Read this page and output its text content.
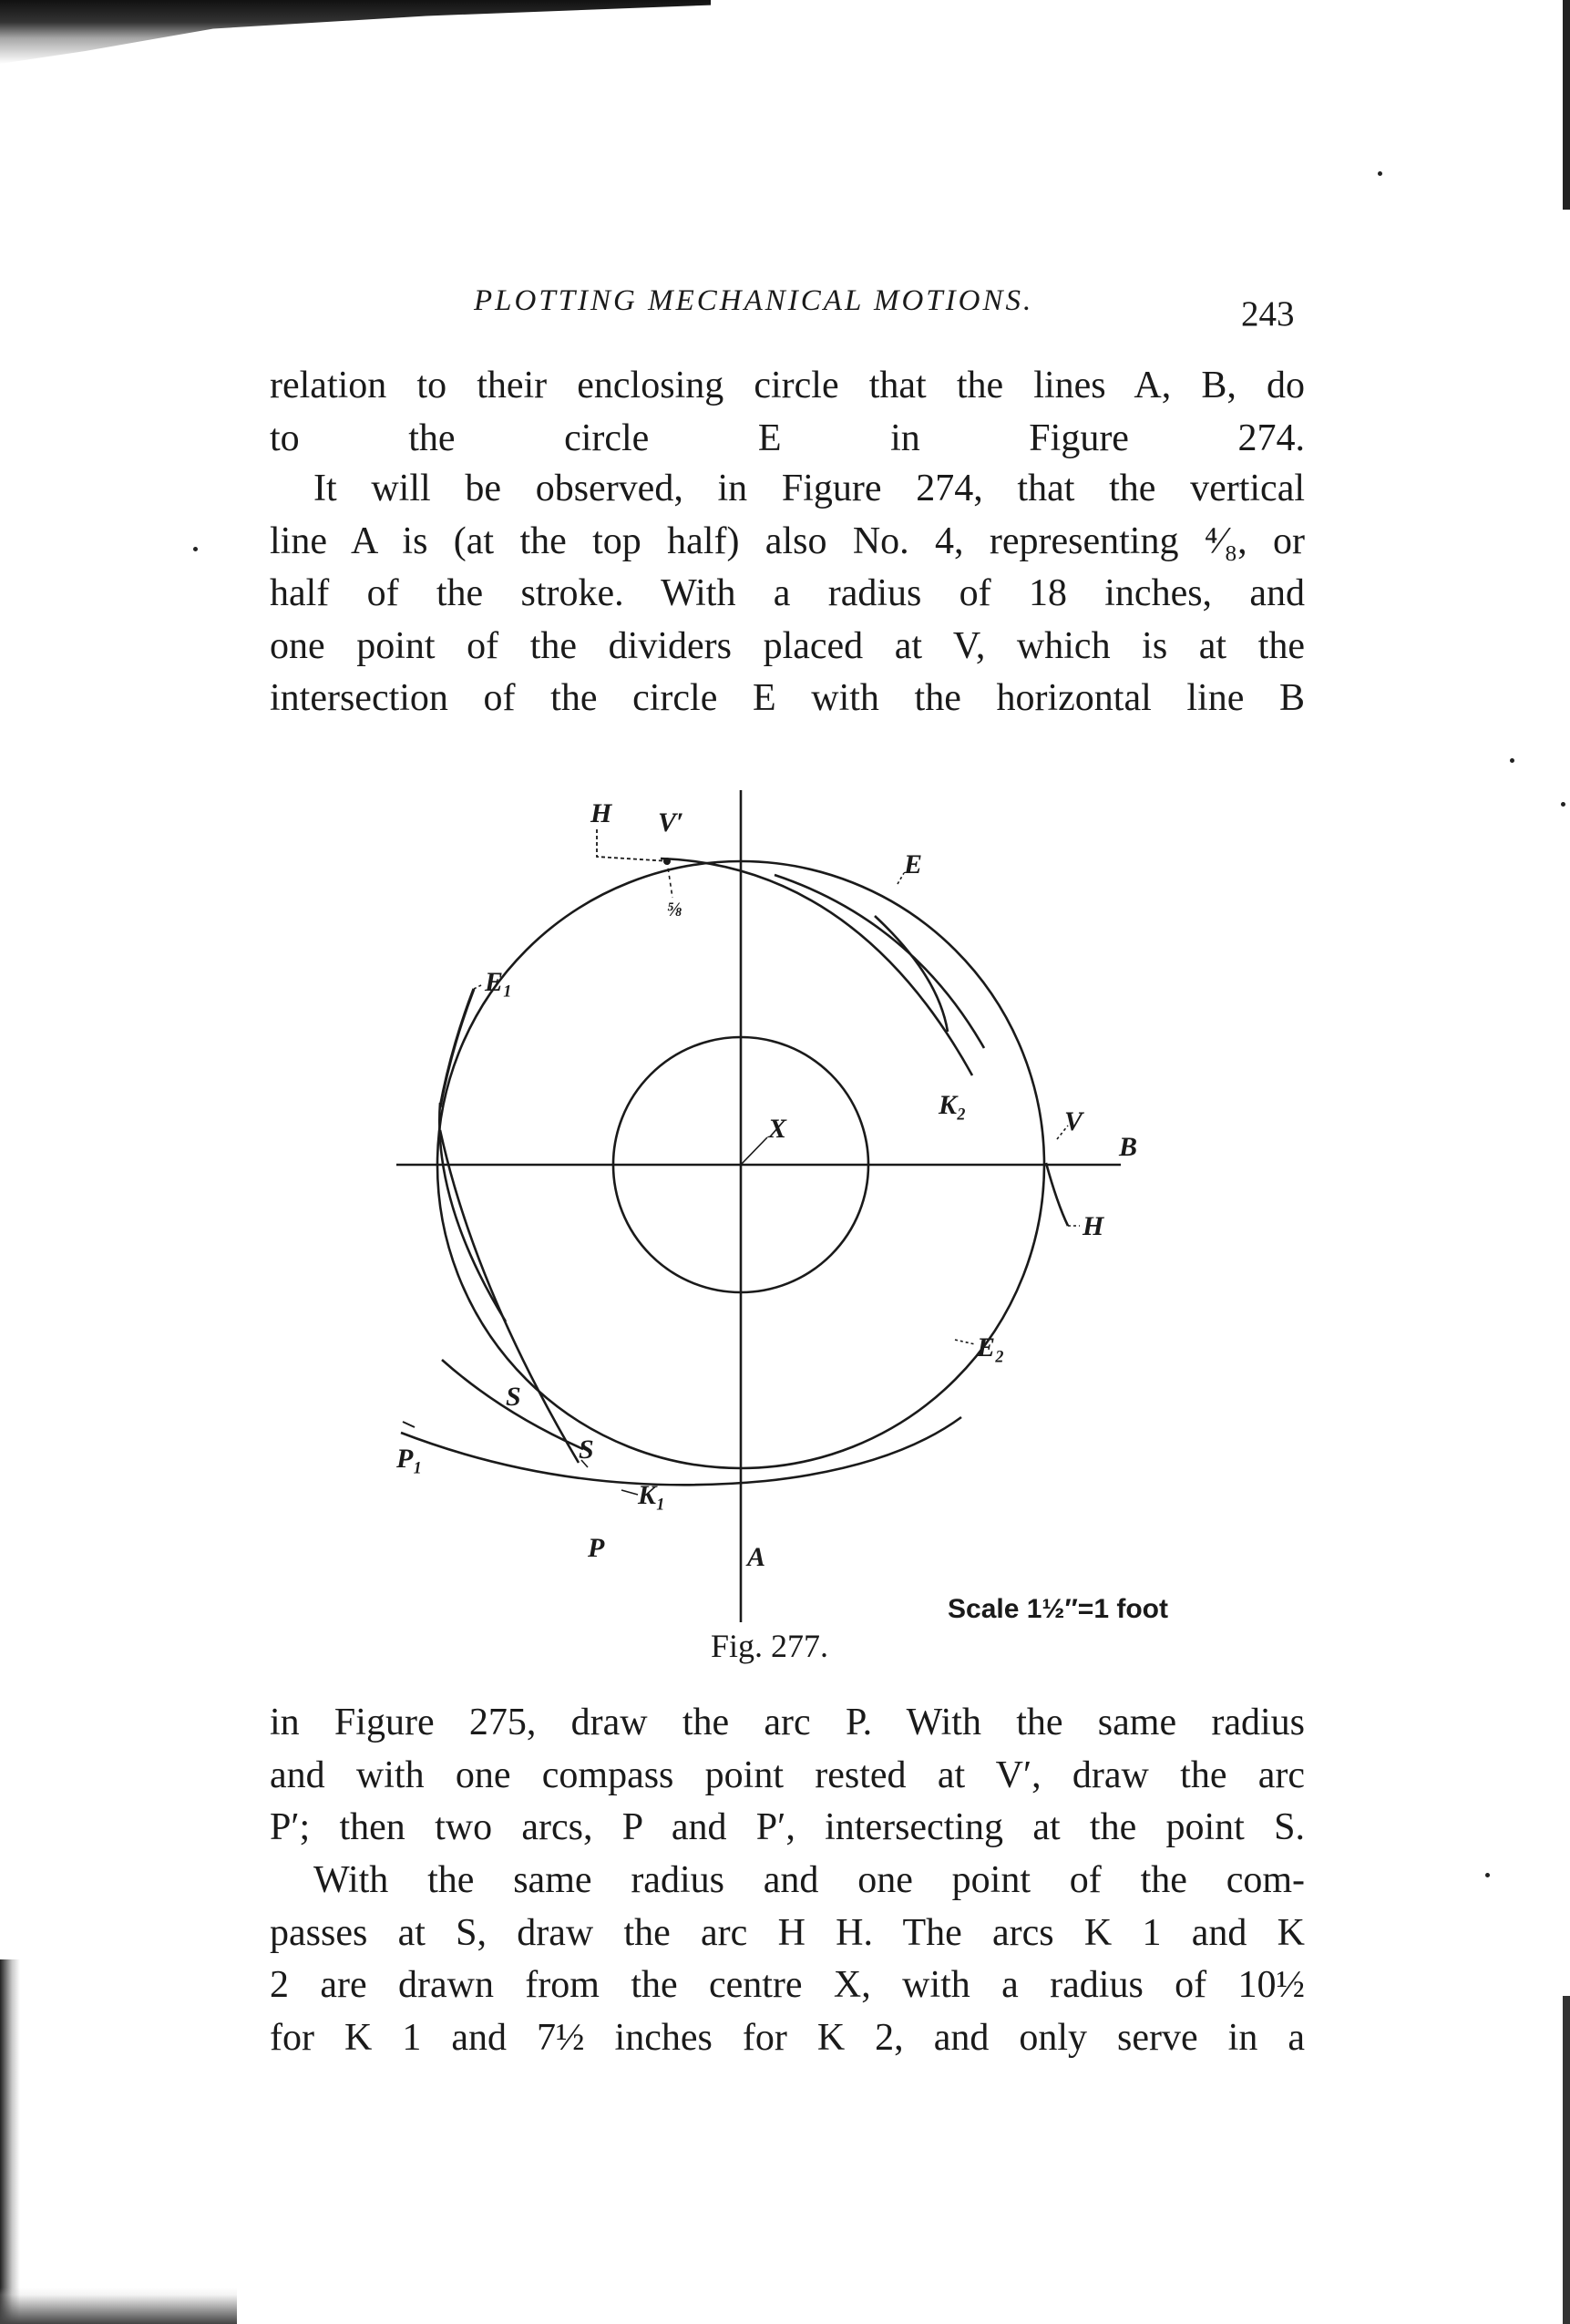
PLOTTING MECHANICAL MOTIONS.	243

relation to their enclosing circle that the lines A, B, do
to the circle E in Figure 274.

It will be observed, in Figure 274, that the vertical
line A is (at the top half) also No. 4, representing ⁴⁄₈, or
half of the stroke. With a radius of 18 inches, and
one point of the dividers placed at V, which is at the
intersection of the circle E with the horizontal line B

H V′
⅝
E
E₁
X
K₂
V
B
H
E₂
S
S
P₁
K₁
P	A
Scale 1½″=1 foot
Fig. 277.

in Figure 275, draw the arc P. With the same radius
and with one compass point rested at V′, draw the arc
P′; then two arcs, P and P′, intersecting at the point S.

With the same radius and one point of the com-
passes at S, draw the arc H H. The arcs K 1 and K
2 are drawn from the centre X, with a radius of 10½
for K 1 and 7½ inches for K 2, and only serve in a
